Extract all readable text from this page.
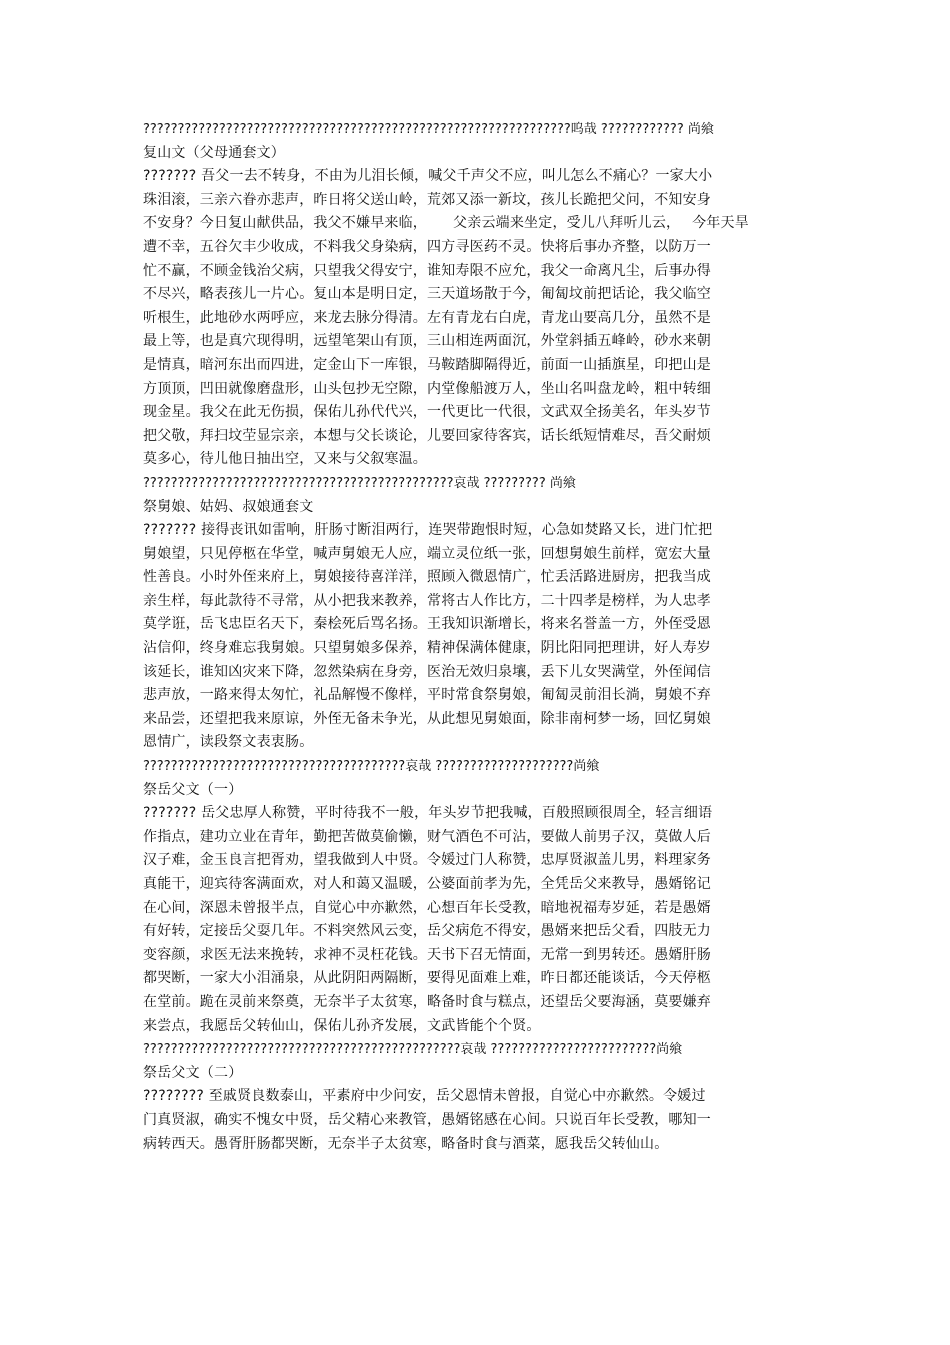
??????????????????????????????????????????????????????????????呜哉 ???????????? 尚飨
复山文（父母通套文）
??????? 吾父一去不转身，不由为儿泪长倾，喊父千声父不应，叫儿怎么不痛心？一家大小
珠泪滚，三亲六眷亦悲声，昨日将父送山岭，荒郊又添一新坟，孩儿长跪把父问，不知安身
不安身？今日复山献供品，我父不嫌早来临，　　 父亲云端来坐定，受儿八拜听儿云，　 今年天旱
遭不幸，五谷欠丰少收成，不料我父身染病，四方寻医药不灵。快将后事办齐整，以防万一
忙不赢，不顾金钱治父病，只望我父得安宁，谁知寿限不应允，我父一命离凡尘，后事办得
不尽兴，略表孩儿一片心。复山本是明日定，三天道场散于今，匍匐坟前把话论，我父临空
听根生，此地砂水两呼应，来龙去脉分得清。左有青龙右白虎，青龙山要高几分，虽然不是
最上等，也是真穴现得明，远望笔架山有顶，三山相连两面沉，外堂斜插五峰岭，砂水来朝
是情真，暗河东出而四进，定金山下一库银，马鞍踏脚隔得近，前面一山插旗星，印把山是
方顶顶，凹田就像磨盘形，山头包抄无空隙，内堂像船渡万人，坐山名叫盘龙岭，粗中转细
现金星。我父在此无伤损，保佑儿孙代代兴，一代更比一代很，文武双全扬美名，年头岁节
把父敬，拜扫坟茔显宗亲，本想与父长谈论，儿要回家待客宾，话长纸短情难尽，吾父耐烦
莫多心，待儿他日抽出空，又来与父叙寒温。
?????????????????????????????????????????????哀哉 ????????? 尚飨
祭舅娘、姑妈、叔娘通套文
??????? 接得丧讯如雷响，肝肠寸断泪两行，连哭带跑恨时短，心急如焚路又长，进门忙把
舅娘望，只见停柩在华堂，喊声舅娘无人应，端立灵位纸一张，回想舅娘生前样，宽宏大量
性善良。小时外侄来府上，舅娘接待喜洋洋，照顾入微恩情广，忙丢活路进厨房，把我当成
亲生样，每此款待不寻常，从小把我来教养，常将古人作比方，二十四孝是榜样，为人忠孝
莫学诳，岳飞忠臣名天下，秦桧死后骂名扬。王我知识渐增长，将来名誉盖一方，外侄受恩
沾信仰，终身难忘我舅娘。只望舅娘多保养，精神保满体健康，阴比阳同把理讲，好人寿岁
该延长，谁知凶灾来下降，忽然染病在身旁，医治无效归泉壤，丢下儿女哭满堂，外侄闻信
悲声放，一路来得太匆忙，礼品解慢不像样，平时常食祭舅娘，匍匐灵前泪长淌，舅娘不弃
来品尝，还望把我来原谅，外侄无备未争光，从此想见舅娘面，除非南柯梦一场，回忆舅娘
恩情广，读段祭文表衷肠。
??????????????????????????????????????哀哉 ????????????????????尚飨
祭岳父文（一）
??????? 岳父忠厚人称赞，平时待我不一般，年头岁节把我喊，百般照顾很周全，轻言细语
作指点，建功立业在青年，勤把苦做莫偷懒，财气酒色不可沾，要做人前男子汉，莫做人后
汉子难，金玉良言把胥劝，望我做到人中贤。令媛过门人称赞，忠厚贤淑盖儿男，料理家务
真能干，迎宾待客满面欢，对人和蔼又温暖，公婆面前孝为先，全凭岳父来教导，愚婿铭记
在心间，深恩未曾报半点，自觉心中亦歉然，心想百年长受教，暗地祝福寿岁延，若是愚婿
有好转，定接岳父耍几年。不料突然风云变，岳父病危不得安，愚婿来把岳父看，四肢无力
变容颜，求医无法来挽转，求神不灵枉花钱。天书下召无情面，无常一到男转还。愚婿肝肠
都哭断，一家大小泪涌泉，从此阴阳两隔断，要得见面难上难，昨日都还能谈话，今天停柩
在堂前。跪在灵前来祭奠，无奈半子太贫寒，略备时食与糕点，还望岳父要海涵，莫要嫌弃
来尝点，我愿岳父转仙山，保佑儿孙齐发展，文武皆能个个贤。
??????????????????????????????????????????????哀哉 ????????????????????????尚飨
祭岳父文（二）
???????? 至戚贤良数泰山，平素府中少问安，岳父恩情未曾报，自觉心中亦歉然。令媛过
门真贤淑，确实不愧女中贤，岳父精心来教管，愚婿铭感在心间。只说百年长受教，哪知一
病转西天。愚胥肝肠都哭断，无奈半子太贫寒，略备时食与酒菜，愿我岳父转仙山。
